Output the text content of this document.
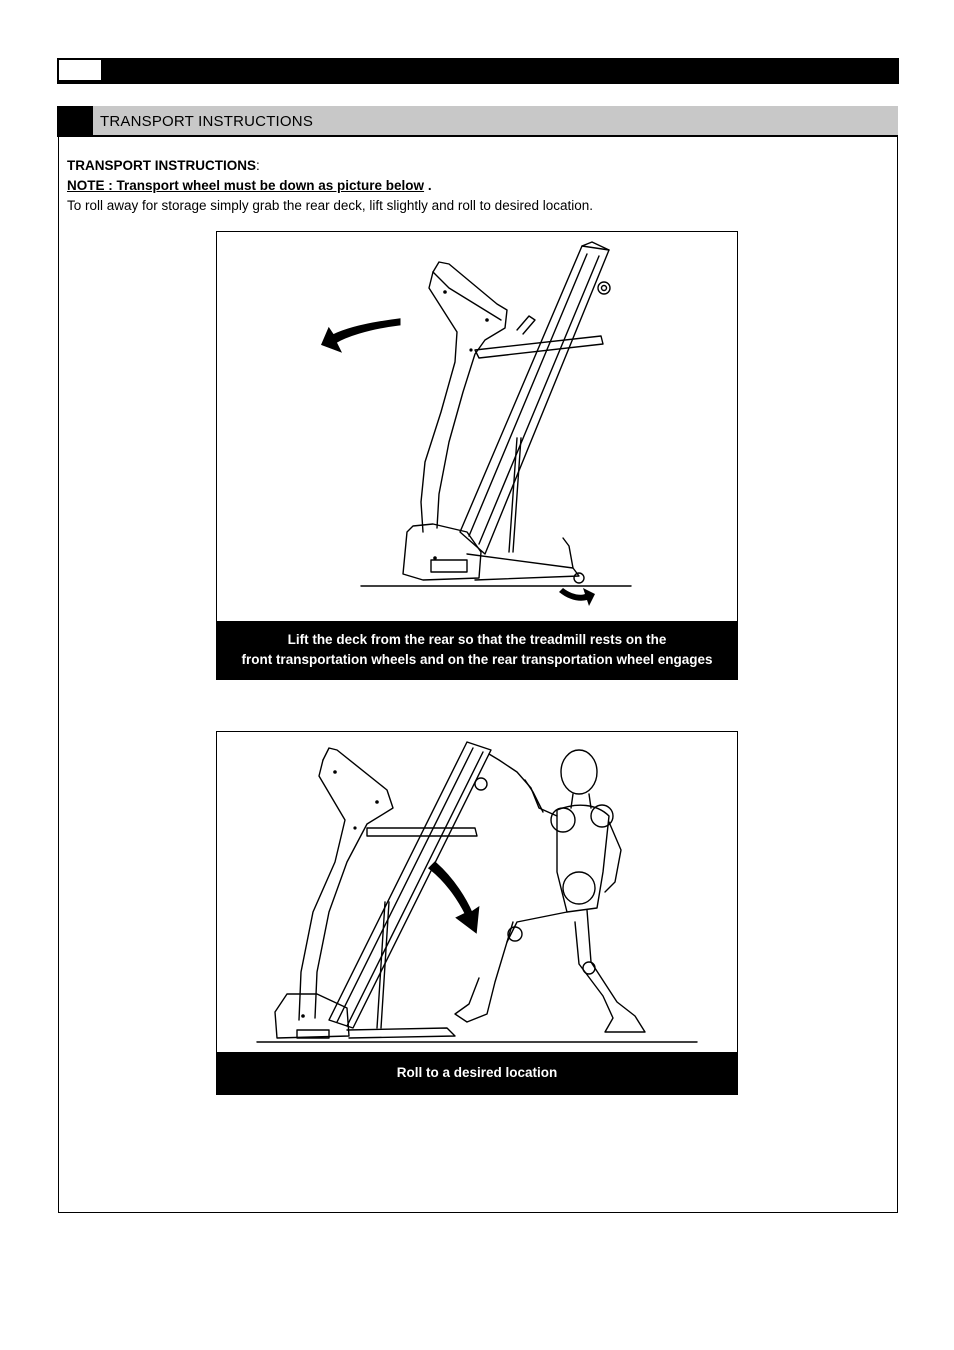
TRANSPORT INSTRUCTIONS
TRANSPORT INSTRUCTIONS:
NOTE : Transport wheel must be down as picture below .
To roll away for storage simply grab the rear deck, lift slightly and roll to desired location.
Lift the deck from the rear so that the treadmill rests on the
front transportation wheels and on the rear transportation wheel engages
Roll to a desired location
